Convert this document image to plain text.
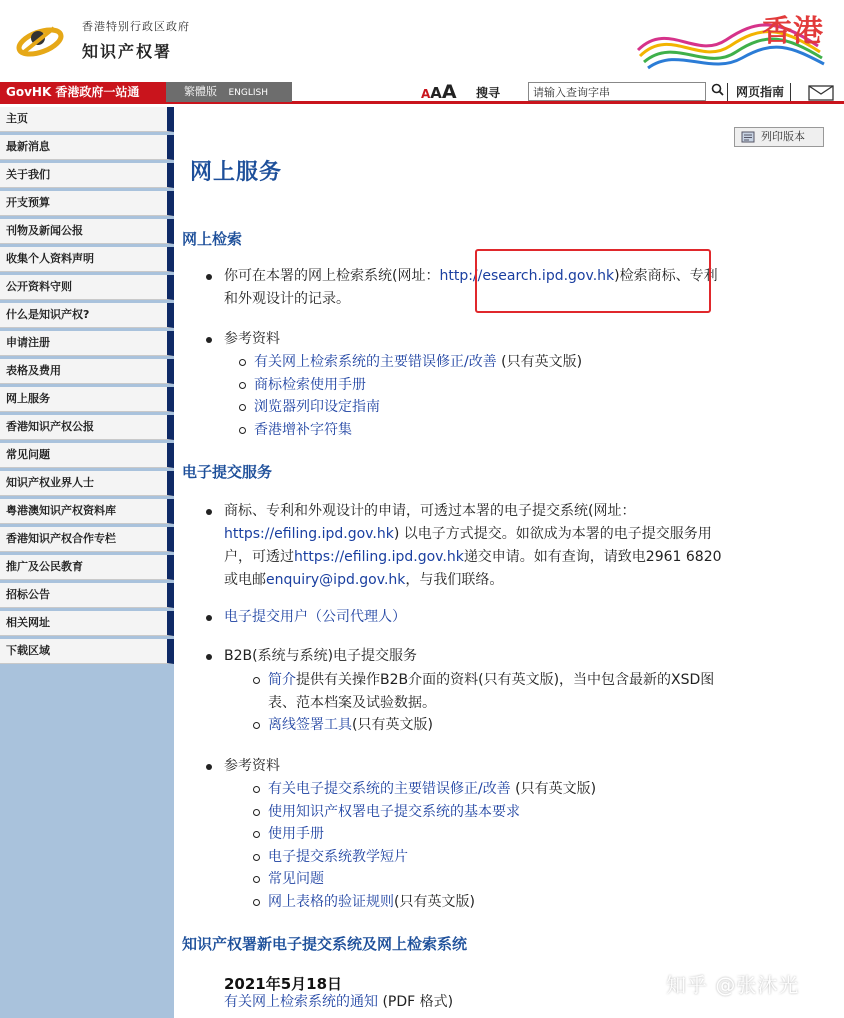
香港特别行政区政府
知识产权署
香港
GovHK 香港政府一站通	繁體版 ENGLISH	AAA 搜寻
请输入查询字串	网页指南
主页
最新消息
关于我们
开支预算
刊物及新闻公报
收集个人资料声明
公开资料守则
什么是知识产权?
申请注册
表格及费用
网上服务
香港知识产权公报
常见问题
知识产权业界人士
粤港澳知识产权资料库
香港知识产权合作专栏
推广及公民教育
招标公告
相关网址
下载区域
列印版本
网上服务
网上检索
你可在本署的网上检索系统(网址：http://esearch.ipd.gov.hk)检索商标、专利
和外观设计的记录。
参考资料
有关网上检索系统的主要错误修正/改善 (只有英文版)
商标检索使用手册
浏览器列印设定指南
香港增补字符集
电子提交服务
商标、专利和外观设计的申请，可透过本署的电子提交系统(网址：
https://efiling.ipd.gov.hk) 以电子方式提交。如欲成为本署的电子提交服务用
户，可透过https://efiling.ipd.gov.hk递交申请。如有查询，请致电2961 6820
或电邮enquiry@ipd.gov.hk，与我们联络。
电子提交用户（公司代理人）
B2B(系统与系统)电子提交服务
简介提供有关操作B2B介面的资料(只有英文版)，当中包含最新的XSD图
表、范本档案及试验数据。
离线签署工具(只有英文版)
参考资料
有关电子提交系统的主要错误修正/改善 (只有英文版)
使用知识产权署电子提交系统的基本要求
使用手册
电子提交系统教学短片
常见问题
网上表格的验证规则(只有英文版)
知识产权署新电子提交系统及网上检索系统
2021年5月18日
有关网上检索系统的通知 (PDF 格式)
知乎 @张沐光
